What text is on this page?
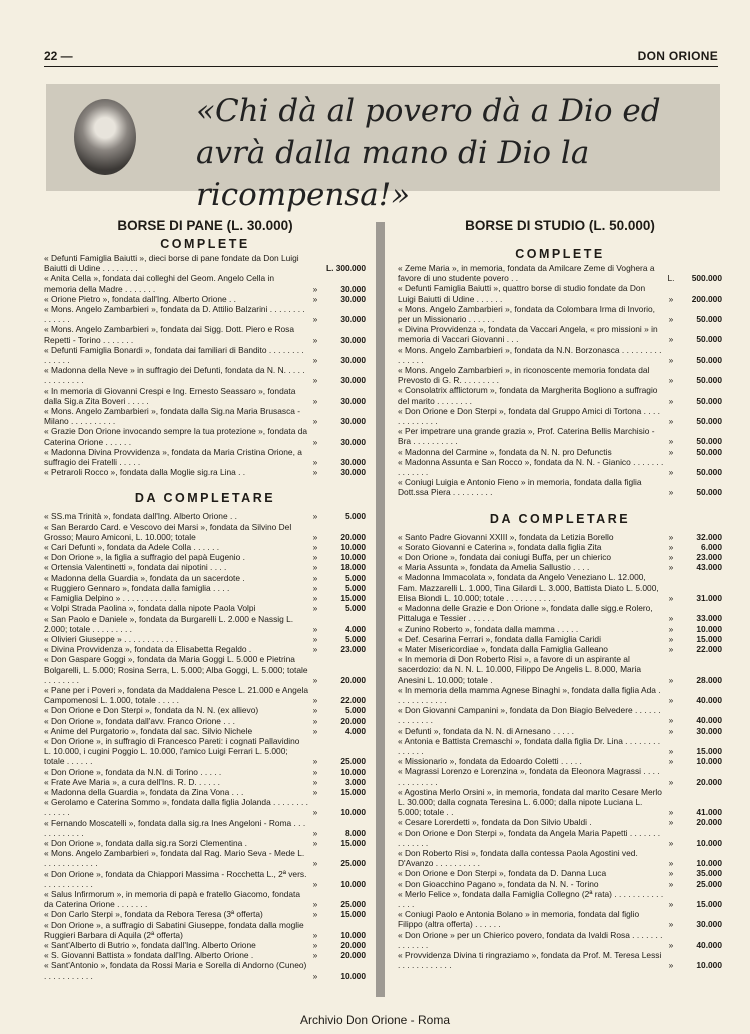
22 —	DON ORIONE
«Chi dà al povero dà a Dio ed avrà dalla mano di Dio la ricompensa!»
BORSE DI PANE (L. 30.000)
COMPLETE
« Defunti Famiglia Baiutti », dieci borse di pane fondate da Don Luigi Baiutti di Udine . . . . . . . .	L. 300.000
« Anita Cella », fondata dai colleghi del Geom. Angelo Cella in memoria della Madre . . . . . . .	»	30.000
« Orione Pietro », fondata dall'Ing. Alberto Orione . .	»	30.000
« Mons. Angelo Zambarbieri », fondata da D. Attilio Balzarini . . . . . . . . . . . . . .	»	30.000
« Mons. Angelo Zambarbieri », fondata dai Sigg. Dott. Piero e Rosa Repetti - Torino . . . . . . .	»	30.000
« Defunti Famiglia Bonardi », fondata dai familiari di Bandito . . . . . . . . . . . . . .	»	30.000
« Madonna della Neve » in suffragio dei Defunti, fondata da N. N. . . . . . . . . . . . . .	»	30.000
« In memoria di Giovanni Crespi e Ing. Ernesto Seassaro », fondata dalla Sig.a Zita Boveri . . . . .	»	30.000
« Mons. Angelo Zambarbieri », fondata dalla Sig.na Maria Brusasca - Milano . . . . . . . . . .	»	30.000
« Grazie Don Orione invocando sempre la tua protezione », fondata da Caterina Orione . . . . . .	»	30.000
« Madonna Divina Provvidenza », fondata da Maria Cristina Orione, a suffragio dei Fratelli . . . . .	»	30.000
« Petraroli Rocco », fondata dalla Moglie sig.ra Lina . .	»	30.000
DA COMPLETARE
« SS.ma Trinità », fondata dall'Ing. Alberto Orione . .	»	5.000
« San Berardo Card. e Vescovo dei Marsi », fondata da Silvino Del Grosso; Mauro Amiconi, L. 10.000; totale	»	20.000
« Cari Defunti », fondata da Adele Colla . . . . . .	»	10.000
« Don Orione », la figlia a suffragio del papà Eugenio .	»	10.000
« Ortensia Valentinetti », fondata dai nipotini . . . .	»	18.000
« Madonna della Guardia », fondata da un sacerdote .	»	5.000
« Ruggiero Gennaro », fondata dalla famiglia . . . .	»	5.000
« Famiglia Delpino » . . . . . . . . . . . .	»	15.000
« Volpi Strada Paolina », fondata dalla nipote Paola Volpi	»	5.000
« San Paolo e Daniele », fondata da Burgarelli L. 2.000 e Nassig L. 2.000; totale . . . . . . . . .	»	4.000
« Olivieri Giuseppe » . . . . . . . . . . . .	»	5.000
« Divina Provvidenza », fondata da Elisabetta Regaldo .	»	23.000
« Don Gaspare Goggi », fondata da Maria Goggi L. 5.000 e Pietrina Bolgarelli, L. 5.000; Rosina Serra, L. 5.000; Alba Goggi, L. 5.000; totale . . . . . . . .	»	20.000
« Pane per i Poveri », fondata da Maddalena Pesce L. 21.000 e Angela Campomenosi L. 1.000, totale . . . . .	»	22.000
« Don Orione e Don Sterpi », fondata da N. N. (ex allievo)	»	5.000
« Don Orione », fondata dall'avv. Franco Orione . . .	»	20.000
« Anime del Purgatorio », fondata dal sac. Silvio Nichele	»	4.000
« Don Orione », in suffragio di Francesco Pareti: i cognati Pallavidino L. 10.000, i cugini Poggio L. 10.000, l'amico Luigi Ferrari L. 5.000; totale . . . . . .	»	25.000
« Don Orione », fondata da N.N. di Torino . . . . .	»	10.000
« Frate Ave Maria », a cura dell'Ins. R. D. . . . . .	»	3.000
« Madonna della Guardia », fondata da Zina Vona . . .	»	15.000
« Gerolamo e Caterina Sommo », fondata dalla figlia Jolanda . . . . . . . . . . . . . .	»	10.000
« Fernando Moscatelli », fondata dalla sig.ra Ines Angeloni - Roma . . . . . . . . . . . .	»	8.000
« Don Orione », fondata dalla sig.ra Sorzi Clementina .	»	15.000
« Mons. Angelo Zambarbieri », fondata dal Rag. Mario Seva - Mede L. . . . . . . . . . . . .	»	25.000
« Don Orione », fondata da Chiappori Massima - Rocchetta L., 2ª vers. . . . . . . . . . . .	»	10.000
« Salus Infirmorum », in memoria di papà e fratello Giacomo, fondata da Caterina Orione . . . . . . .	»	25.000
« Don Carlo Sterpi », fondata da Rebora Teresa (3ª offerta)	»	15.000
« Don Orione », a suffragio di Sabatini Giuseppe, fondata dalla moglie Ruggieri Barbara di Aquila (2ª offerta)	»	10.000
« Sant'Alberto di Butrio », fondata dall'Ing. Alberto Orione	»	20.000
« S. Giovanni Battista » fondata dall'Ing. Alberto Orione .	»	20.000
« Sant'Antonio », fondata da Rossi Maria e Sorella di Andorno (Cuneo) . . . . . . . . . . .	»	10.000
BORSE DI STUDIO (L. 50.000)
COMPLETE
« Zeme Maria », in memoria, fondata da Amilcare Zeme di Voghera a favore di uno studente povero . .	L.	500.000
« Defunti Famiglia Baiutti », quattro borse di studio fondate da Don Luigi Baiutti di Udine . . . . . .	»	200.000
« Mons. Angelo Zambarbieri », fondata da Colombara Irma di Invorio, per un Missionario . . . . . .	»	50.000
« Divina Provvidenza », fondata da Vaccari Angela, « pro missioni » in memoria di Vaccari Giovanni . . .	»	50.000
« Mons. Angelo Zambarbieri », fondata da N.N. Borzonasca . . . . . . . . . . . . . . .	»	50.000
« Mons. Angelo Zambarbieri », in riconoscente memoria fondata dal Prevosto di G. R. . . . . . . . .	»	50.000
« Consolatrix afflictorum », fondata da Margherita Bogliono a suffragio del marito . . . . . . . .	»	50.000
« Don Orione e Don Sterpi », fondata dal Gruppo Amici di Tortona . . . . . . . . . . . . .	»	50.000
« Per impetrare una grande grazia », Prof. Caterina Bellis Marchisio - Bra . . . . . . . . . .	»	50.000
« Madonna del Carmine », fondata da N. N. pro Defunctis	»	50.000
« Madonna Assunta e San Rocco », fondata da N. N. - Gianico . . . . . . . . . . . . . .	»	50.000
« Coniugi Luigia e Antonio Fieno » in memoria, fondata dalla figlia Dott.ssa Piera . . . . . . . . .	»	50.000
DA COMPLETARE
« Santo Padre Giovanni XXIII », fondata da Letizia Borello	»	32.000
« Sorato Giovanni e Caterina », fondata dalla figlia Zita	»	6.000
« Don Orione », fondata dai coniugi Buffa, per un chierico	»	23.000
« Maria Assunta », fondata da Amelia Sallustio . . . .	»	43.000
« Madonna Immacolata », fondata da Angelo Veneziano L. 12.000, Fam. Mazzarelli L. 1.000, Tina Gilardi L. 3.000, Battista Diato L. 5.000, Elisa Biondi L. 10.000; totale . . . . . . . . . . .	»	31.000
« Madonna delle Grazie e Don Orione », fondata dalle sigg.e Rolero, Pittaluga e Tessier . . . . . .	»	33.000
« Zunino Roberto », fondata dalla mamma . . . . .	»	10.000
« Def. Cesarina Ferrari », fondata dalla Famiglia Caridi	»	15.000
« Mater Misericordiae », fondata dalla Famiglia Galleano	»	22.000
« In memoria di Don Roberto Risi », a favore di un aspirante al sacerdozio: da N. N. L. 10.000, Filippo De Angelis L. 8.000, Maria Anesini L. 10.000; totale .	»	28.000
« In memoria della mamma Agnese Binaghi », fondata dalla figlia Ada . . . . . . . . . . . .	»	40.000
« Don Giovanni Campanini », fondata da Don Biagio Belvedere . . . . . . . . . . . . . .	»	40.000
« Defunti », fondata da N. N. di Arnesano . . . . .	»	30.000
« Antonia e Battista Cremaschi », fondata dalla figlia Dr. Lina . . . . . . . . . . . . . .	»	15.000
« Missionario », fondata da Edoardo Coletti . . . . .	»	10.000
« Magrassi Lorenzo e Lorenzina », fondata da Eleonora Magrassi . . . . . . . . . . . . .	»	20.000
« Agostina Merlo Orsini », in memoria, fondata dal marito Cesare Merlo L. 30.000; dalla cognata Teresina L. 6.000; dalla nipote Luciana L. 5.000; totale . .	»	41.000
« Cesare Lorerdetti », fondata da Don Silvio Ubaldi .	»	20.000
« Don Orione e Don Sterpi », fondata da Angela Maria Papetti . . . . . . . . . . . . . .	»	10.000
« Don Roberto Risi », fondata dalla contessa Paola Agostini ved. D'Avanzo . . . . . . . . . .	»	10.000
« Don Orione e Don Sterpi », fondata da D. Danna Luca	»	35.000
« Don Gioacchino Pagano », fondata da N. N. - Torino	»	25.000
« Merlo Felice », fondata dalla Famiglia Collegno (2ª rata) . . . . . . . . . . . . . . .	»	15.000
« Coniugi Paolo e Antonia Bolano » in memoria, fondata dal figlio Filippo (altra offerta) . . . . . .	»	30.000
« Don Orione » per un Chierico povero, fondata da Ivaldi Rosa . . . . . . . . . . . . . .	»	40.000
« Provvidenza Divina ti ringraziamo », fondata da Prof. M. Teresa Lessi . . . . . . . . . . . .	»	10.000
Archivio Don Orione - Roma
